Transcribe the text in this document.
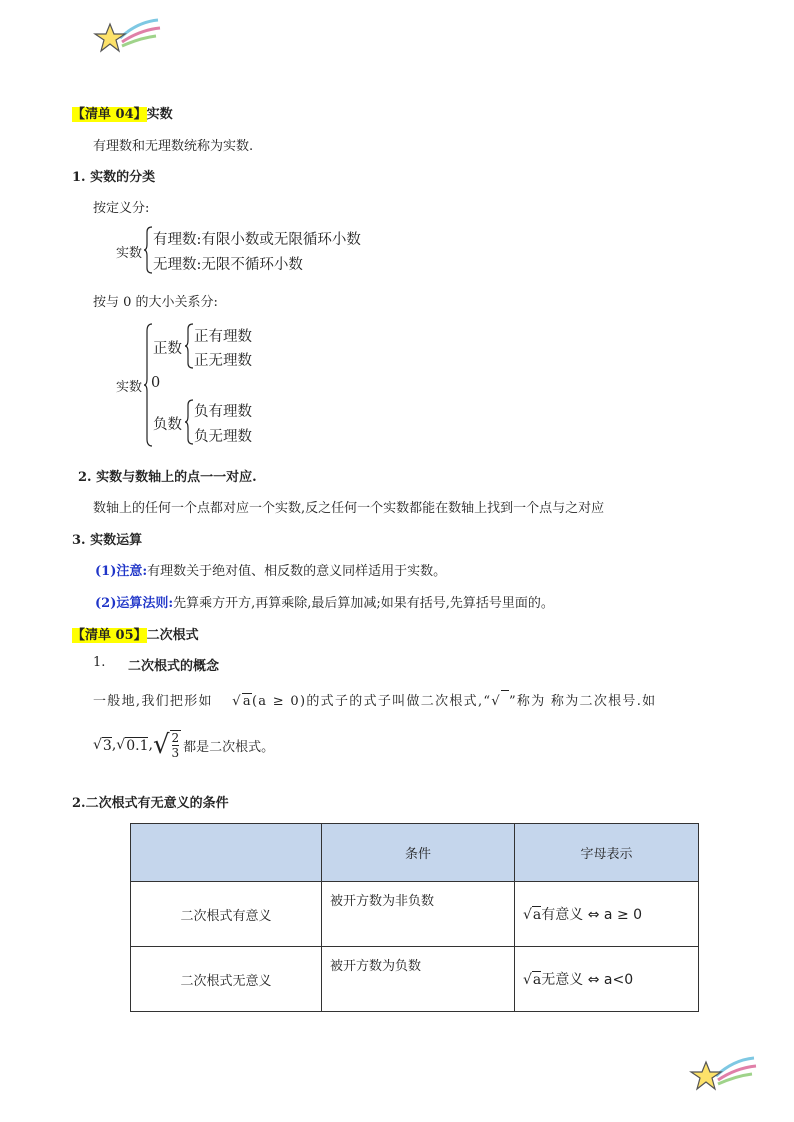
【清单 04】实数
有理数和无理数统称为实数.
1. 实数的分类
按定义分:
实数
有理数:有限小数或无限循环小数
无理数:无限不循环小数
按与 0 的大小关系分:
实数
正数
正有理数
正无理数
0
负数
负有理数
负无理数
2. 实数与数轴上的点一一对应.
数轴上的任何一个点都对应一个实数,反之任何一个实数都能在数轴上找到一个点与之对应
3. 实数运算
(1)注意:有理数关于绝对值、相反数的意义同样适用于实数。
(2)运算法则:先算乘方开方,再算乘除,最后算加减;如果有括号,先算括号里面的。
【清单 05】二次根式
1. 二次根式的概念
一般地,我们把形如 √a(a ≥ 0)的式子的式子叫做二次根式,“√ ”称为 称为二次根号.如
√ 3 , √ 0.1 , √ $\frac{2}{3}$ 都是二次根式。
2.二次根式有无意义的条件
	条件	字母表示
二次根式有意义	被开方数为非负数	√a有意义 ⇔ a ≥ 0
二次根式无意义	被开方数为负数	√a无意义 ⇔ a<0
